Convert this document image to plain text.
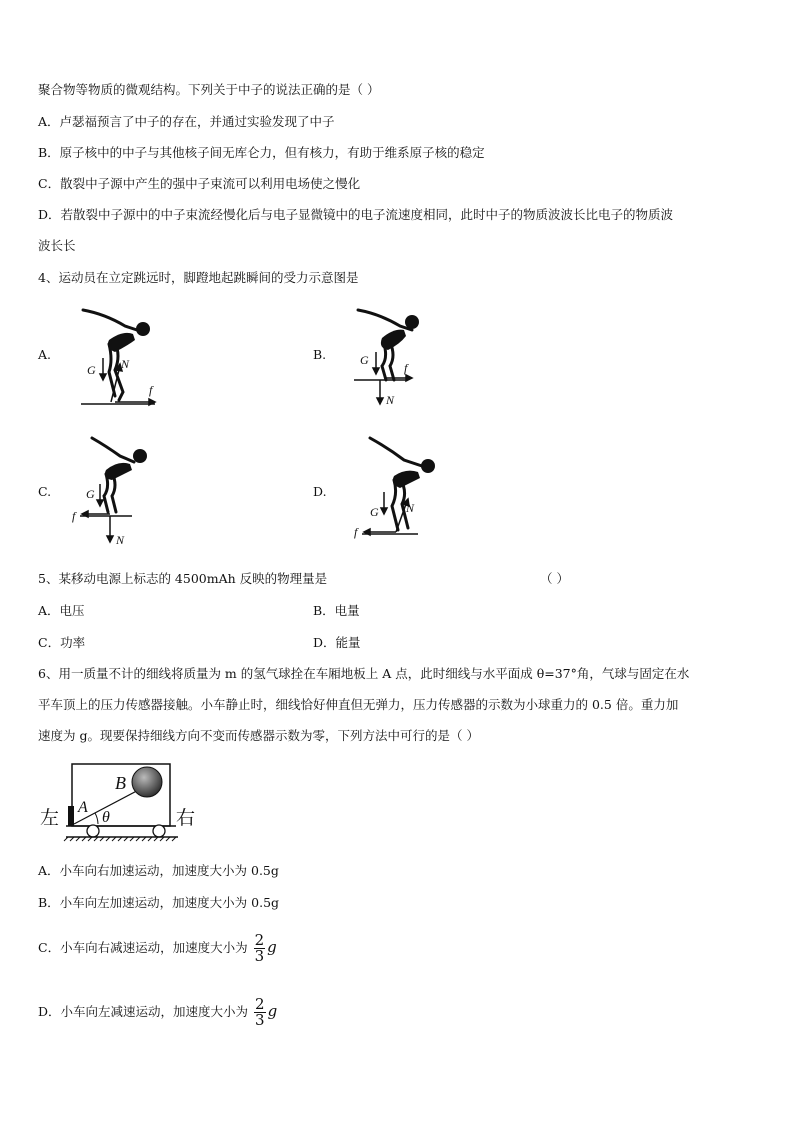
聚合物等物质的微观结构。下列关于中子的说法正确的是（ ）
A．卢瑟福预言了中子的存在，并通过实验发现了中子
B．原子核中的中子与其他核子间无库仑力，但有核力，有助于维系原子核的稳定
C．散裂中子源中产生的强中子束流可以利用电场使之慢化
D．若散裂中子源中的中子束流经慢化后与电子显微镜中的电子流速度相同，此时中子的物质波波长比电子的物质波
波长长
4、运动员在立定跳远时，脚蹬地起跳瞬间的受力示意图是
A.	B.
C.	D.
G N
f
G
N
f
G
N
f	G N
f
5、某移动电源上标志的 4500mAh 反映的物理量是	（ ）
A．电压	B．电量
C．功率	D．能量
6、用一质量不计的细线将质量为 m 的氢气球拴在车厢地板上 A 点，此时细线与水平面成 θ=37°角，气球与固定在水
平车顶上的压力传感器接触。小车静止时，细线恰好伸直但无弹力，压力传感器的示数为小球重力的 0.5 倍。重力加
速度为 g。现要保持细线方向不变而传感器示数为零，下列方法中可行的是（ ）
左	右
A
B
θ
A．小车向右加速运动，加速度大小为 0.5g
B．小车向左加速运动，加速度大小为 0.5g
C．小车向右减速运动，加速度大小为 $\frac{2}{3}$ g
D．小车向左减速运动，加速度大小为 $\frac{2}{3}$ g
